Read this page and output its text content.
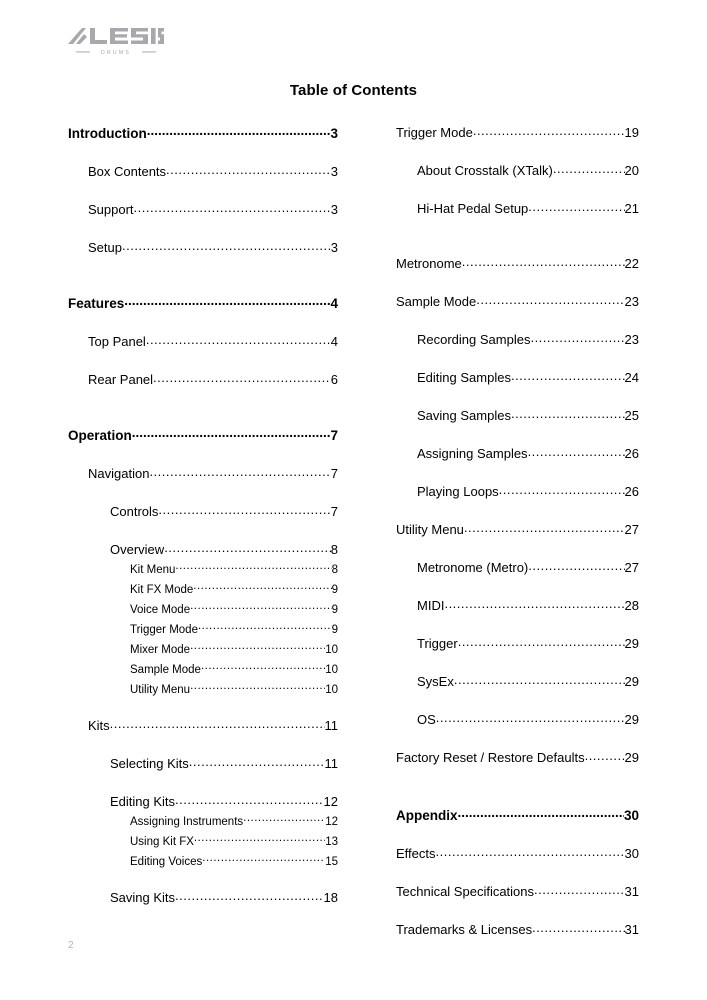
DRUMS
Table of Contents
Introduction .....	3
Box Contents .....	3
Support .....	3
Setup .....	3
Features .....	4
Top Panel .....	4
Rear Panel .....	6
Operation .....	7
Navigation .....	7
Controls .....	7
Overview .....	8
Kit Menu .....	8
Kit FX Mode .....	9
Voice Mode .....	9
Trigger Mode .....	9
Mixer Mode .....	10
Sample Mode .....	10
Utility Menu .....	10
Kits .....	11
Selecting Kits .....	11
Editing Kits .....	12
Assigning Instruments .....	12
Using Kit FX .....	13
Editing Voices .....	15
Saving Kits .....	18
Trigger Mode .....	19
About Crosstalk (XTalk) .....	20
Hi-Hat Pedal Setup .....	21
Metronome .....	22
Sample Mode .....	23
Recording Samples .....	23
Editing Samples .....	24
Saving Samples .....	25
Assigning Samples .....	26
Playing Loops .....	26
Utility Menu .....	27
Metronome (Metro) .....	27
MIDI .....	28
Trigger .....	29
SysEx .....	29
OS .....	29
Factory Reset / Restore Defaults .....	29
Appendix .....	30
Effects .....	30
Technical Specifications .....	31
Trademarks & Licenses .....	31
2
